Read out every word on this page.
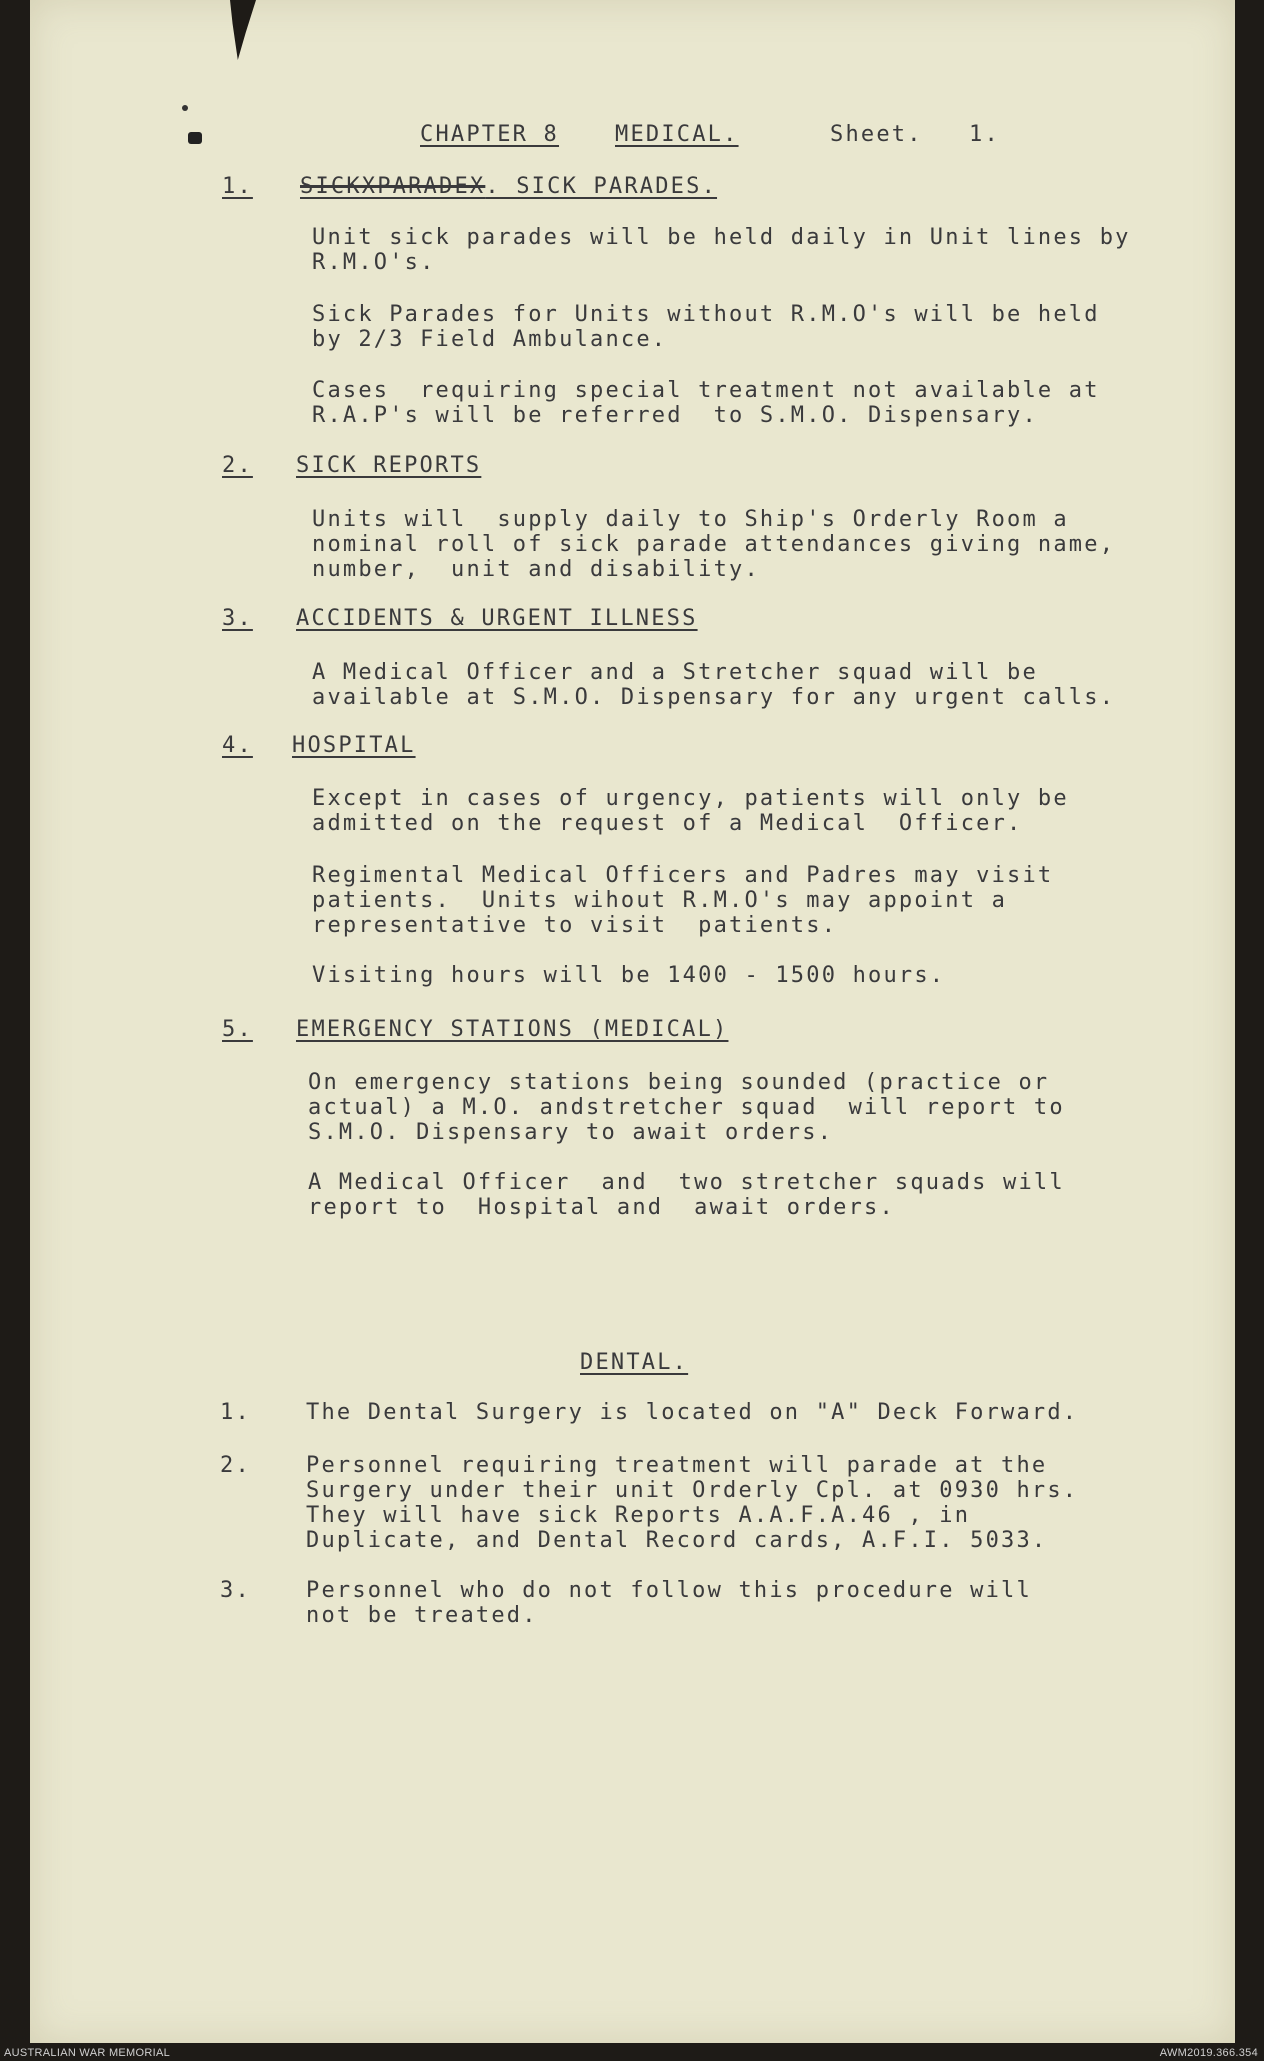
CHAPTER 8	MEDICAL.	Sheet.   1.

1. SICKXPARADEX. SICK PARADES.

Unit sick parades will be held daily in Unit lines by
R.M.O's.

Sick Parades for Units without R.M.O's will be held
by 2/3 Field Ambulance.

Cases  requiring special treatment not available at
R.A.P's will be referred  to S.M.O. Dispensary.

2. SICK REPORTS

Units will  supply daily to Ship's Orderly Room a
nominal roll of sick parade attendances giving name,
number,  unit and disability.

3. ACCIDENTS & URGENT ILLNESS

A Medical Officer and a Stretcher squad will be
available at S.M.O. Dispensary for any urgent calls.

4. HOSPITAL

Except in cases of urgency, patients will only be
admitted on the request of a Medical  Officer.

Regimental Medical Officers and Padres may visit
patients.  Units wihout R.M.O's may appoint a
representative to visit  patients.

Visiting hours will be 1400 - 1500 hours.

5. EMERGENCY STATIONS (MEDICAL)

On emergency stations being sounded (practice or
actual) a M.O. andstretcher squad  will report to
S.M.O. Dispensary to await orders.

A Medical Officer  and  two stretcher squads will
report to  Hospital and  await orders.

DENTAL.

1.	The Dental Surgery is located on "A" Deck Forward.

2.	Personnel requiring treatment will parade at the
Surgery under their unit Orderly Cpl. at 0930 hrs.
They will have sick Reports A.A.F.A.46 , in
Duplicate, and Dental Record cards, A.F.I. 5033.

3.	Personnel who do not follow this procedure will
not be treated.

AUSTRALIAN WAR MEMORIAL	AWM2019.366.354
